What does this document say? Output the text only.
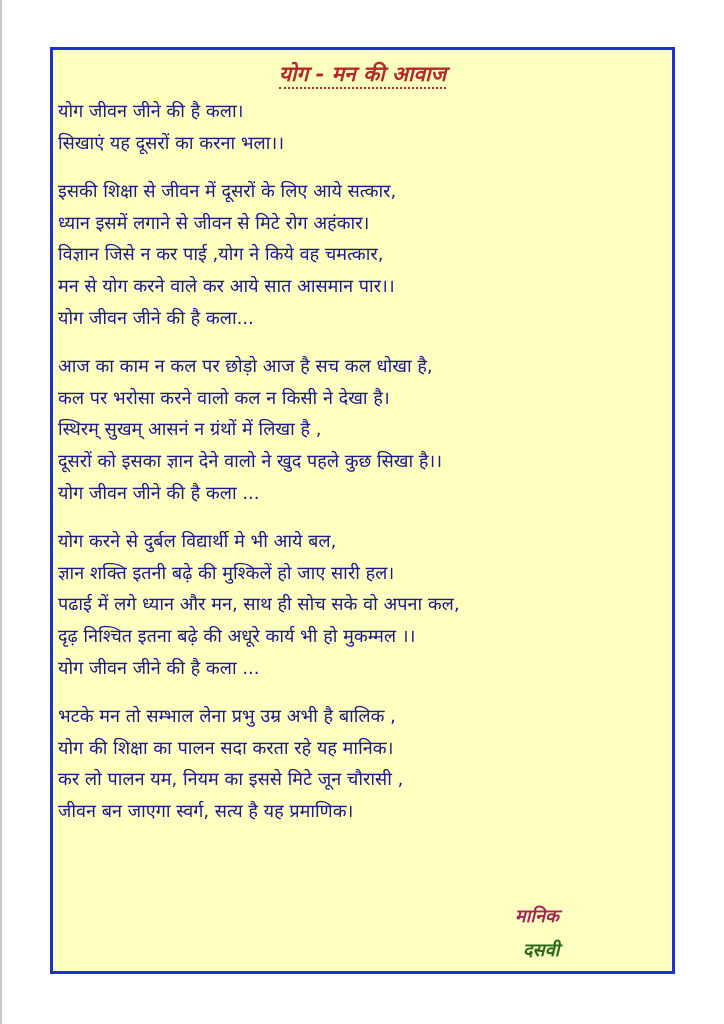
योग - मन की आवाज
योग जीवन जीने की है कला।
सिखाएं यह दूसरों का करना भला।।
इसकी शिक्षा से जीवन में दूसरों के लिए आये सत्कार,
ध्यान इसमें लगाने से जीवन से मिटे रोग अहंकार।
विज्ञान जिसे न कर पाई ,योग ने किये वह चमत्कार,
मन से योग करने वाले कर आये सात आसमान पार।।
योग जीवन जीने की है कला...
आज का काम न कल पर छोड़ो आज है सच कल धोखा है,
कल पर भरोसा करने वालो कल न किसी ने देखा है।
स्थिरम् सुखम् आसनं न ग्रंथों में लिखा है ,
दूसरों को इसका ज्ञान देने वालो ने खुद पहले कुछ सिखा है।।
योग जीवन जीने की है कला ...
योग करने से दुर्बल विद्यार्थी मे भी आये बल,
ज्ञान शक्ति इतनी बढ़े की मुश्किलें हो जाए सारी हल।
पढाई में लगे ध्यान और मन, साथ ही सोच सके वो अपना कल,
दृढ़ निश्चित इतना बढ़े की अधूरे कार्य भी हो मुकम्मल ।।
योग जीवन जीने की है कला ...
भटके मन तो सम्भाल लेना प्रभु उम्र अभी है बालिक ,
योग की शिक्षा का पालन सदा करता रहे यह मानिक।
कर लो पालन यम, नियम का इससे मिटे जून चौरासी ,
जीवन बन जाएगा स्वर्ग, सत्य है यह प्रमाणिक।
मानिक
दसवी
